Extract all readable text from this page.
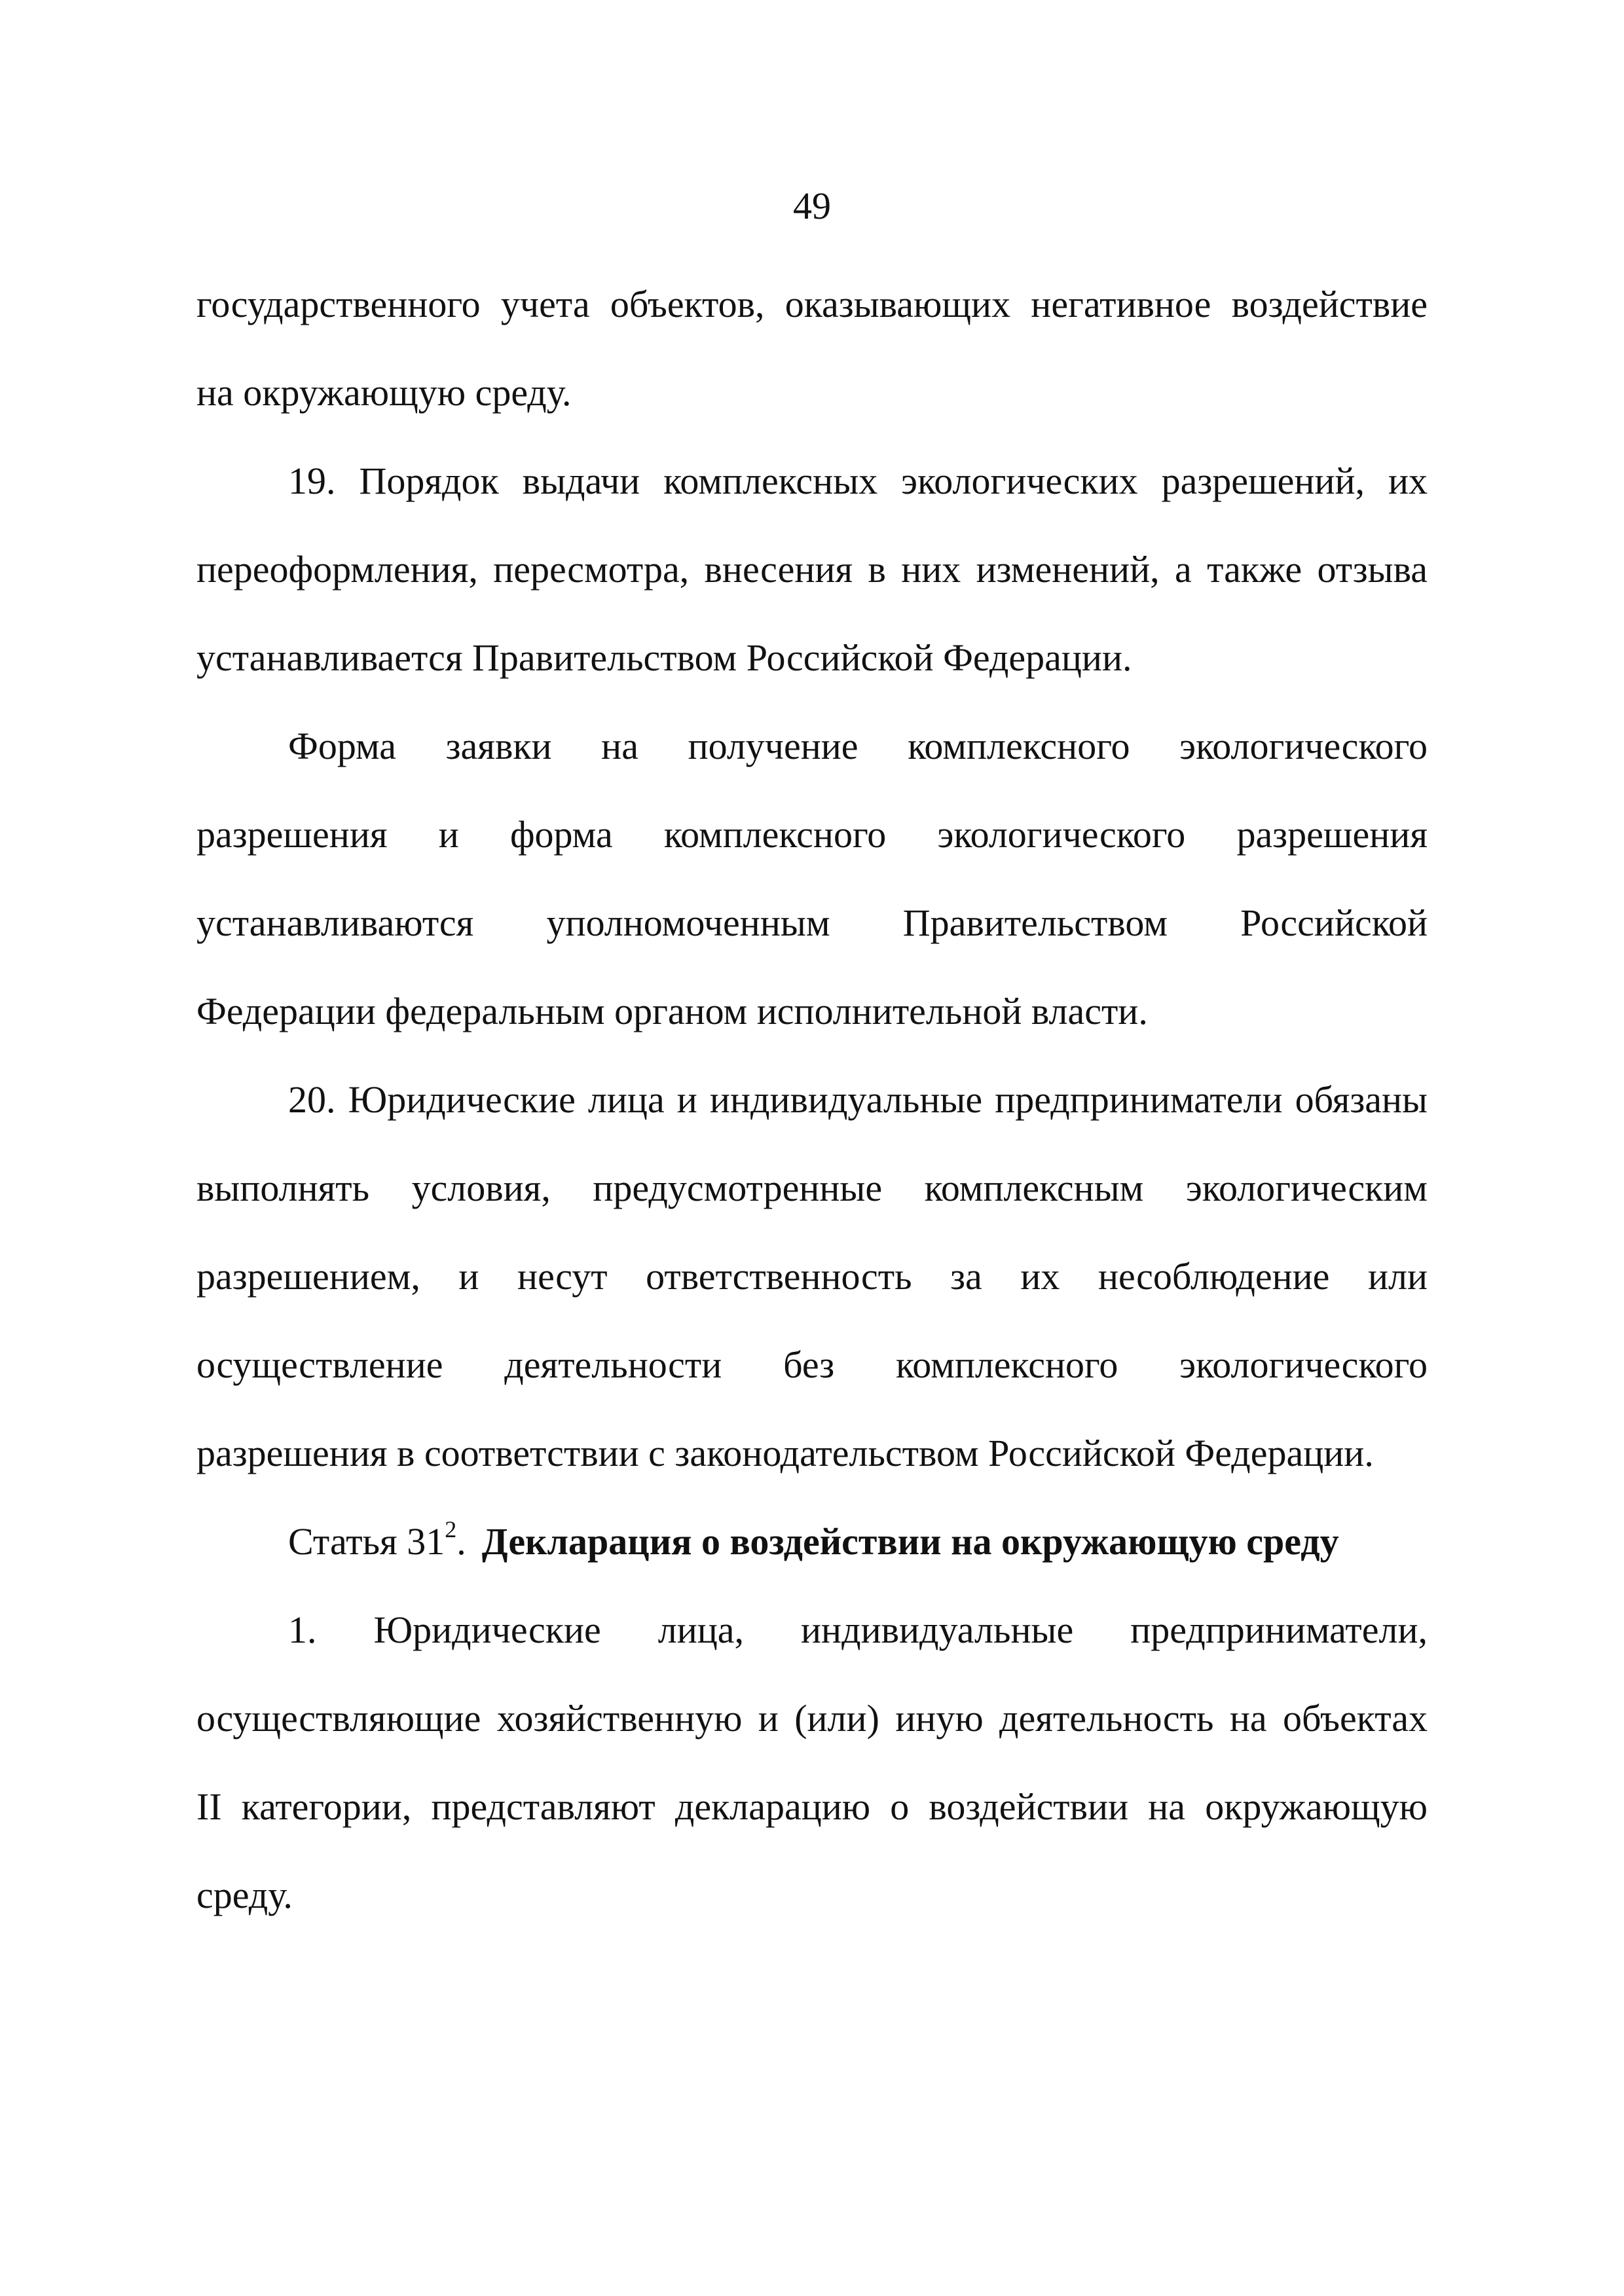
49
государственного учета объектов, оказывающих негативное воздействие
на окружающую среду.
19. Порядок выдачи комплексных экологических разрешений, их
переоформления, пересмотра, внесения в них изменений, а также отзыва
устанавливается Правительством Российской Федерации.
Форма заявки на получение комплексного экологического
разрешения и форма комплексного экологического разрешения
устанавливаются уполномоченным Правительством Российской
Федерации федеральным органом исполнительной власти.
20. Юридические лица и индивидуальные предприниматели обязаны
выполнять условия, предусмотренные комплексным экологическим
разрешением, и несут ответственность за их несоблюдение или
осуществление деятельности без комплексного экологического
разрешения в соответствии с законодательством Российской Федерации.
Статья $31^2$. Декларация о воздействии на окружающую среду
1. Юридические лица, индивидуальные предприниматели,
осуществляющие хозяйственную и (или) иную деятельность на объектах
II категории, представляют декларацию о воздействии на окружающую
среду.
